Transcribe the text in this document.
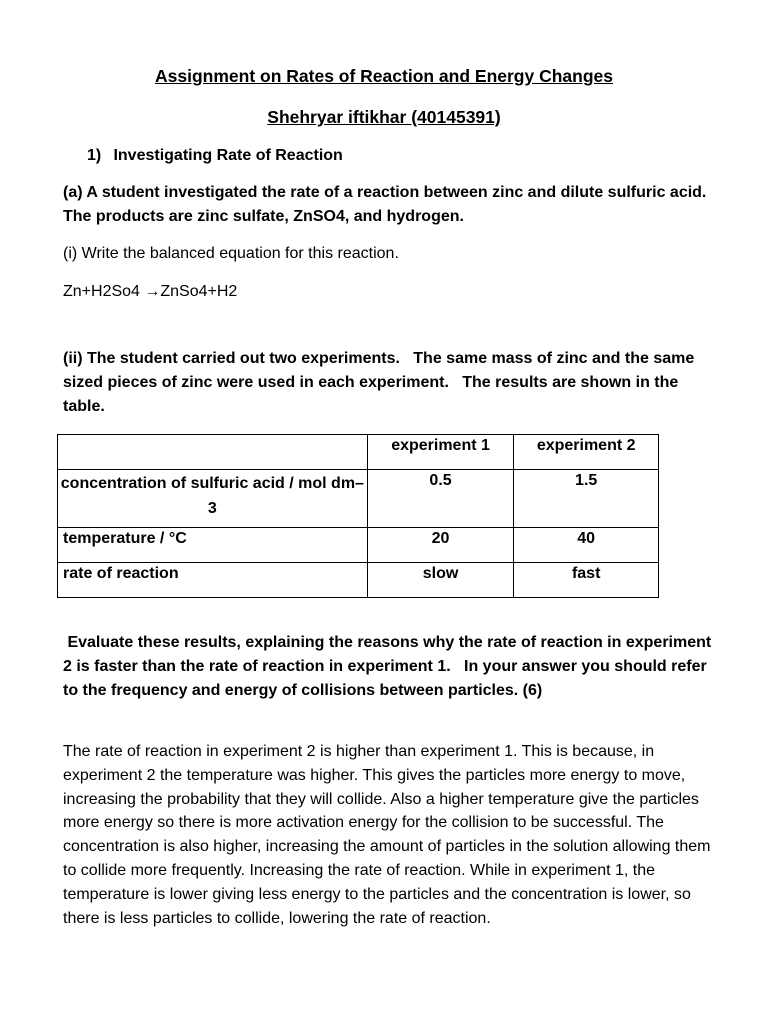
Assignment on Rates of Reaction and Energy Changes
Shehryar iftikhar (40145391)
1) Investigating Rate of Reaction

(a) A student investigated the rate of a reaction between zinc and dilute sulfuric acid. The products are zinc sulfate, ZnSO4, and hydrogen.

(i) Write the balanced equation for this reaction.

Zn+H2So4 →ZnSo4+H2

(ii) The student carried out two experiments.   The same mass of zinc and the same sized pieces of zinc were used in each experiment.   The results are shown in the table.

	experiment 1	experiment 2

concentration of sulfuric acid / mol dm–3	0.5	1.5

temperature / °C	20	40

rate of reaction	slow	fast

Evaluate these results, explaining the reasons why the rate of reaction in experiment 2 is faster than the rate of reaction in experiment 1.   In your answer you should refer to the frequency and energy of collisions between particles. (6)

The rate of reaction in experiment 2 is higher than experiment 1. This is because, in experiment 2 the temperature was higher. This gives the particles more energy to move, increasing the probability that they will collide. Also a higher temperature give the particles more energy so there is more activation energy for the collision to be successful. The concentration is also higher, increasing the amount of particles in the solution allowing them to collide more frequently. Increasing the rate of reaction. While in experiment 1, the temperature is lower giving less energy to the particles and the concentration is lower, so there is less particles to collide, lowering the rate of reaction.
